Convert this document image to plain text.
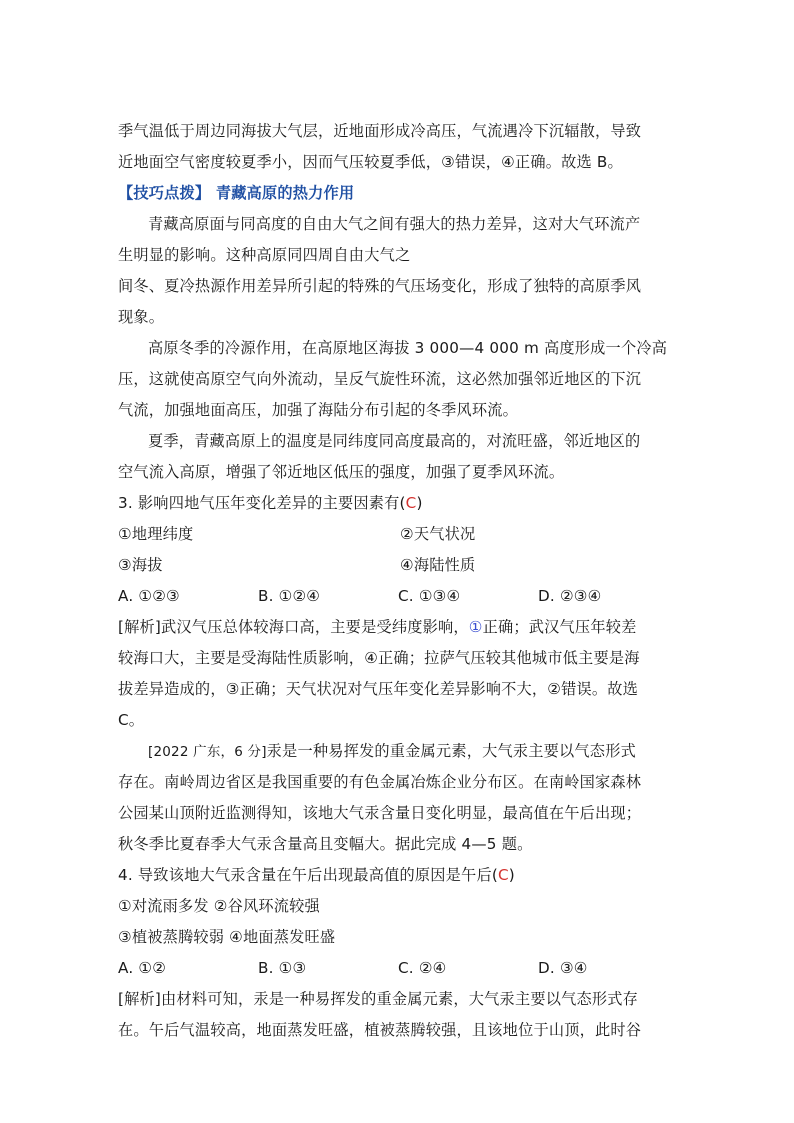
季气温低于周边同海拔大气层，近地面形成冷高压，气流遇冷下沉辐散，导致
近地面空气密度较夏季小，因而气压较夏季低，③错误，④正确。故选 B。
【技巧点拨】 青藏高原的热力作用
青藏高原面与同高度的自由大气之间有强大的热力差异，这对大气环流产
生明显的影响。这种高原同四周自由大气之
间冬、夏冷热源作用差异所引起的特殊的气压场变化，形成了独特的高原季风
现象。
高原冬季的冷源作用，在高原地区海拔 3 000—4 000 m 高度形成一个冷高
压，这就使高原空气向外流动，呈反气旋性环流，这必然加强邻近地区的下沉
气流，加强地面高压，加强了海陆分布引起的冬季风环流。
夏季，青藏高原上的温度是同纬度同高度最高的，对流旺盛，邻近地区的
空气流入高原，增强了邻近地区低压的强度，加强了夏季风环流。
3. 影响四地气压年变化差异的主要因素有(C)
①地理纬度	②天气状况
③海拔	④海陆性质
A. ①②③	B. ①②④	C. ①③④	D. ②③④
[解析]武汉气压总体较海口高，主要是受纬度影响，①正确；武汉气压年较差
较海口大，主要是受海陆性质影响，④正确；拉萨气压较其他城市低主要是海
拔差异造成的，③正确；天气状况对气压年变化差异影响不大，②错误。故选
C。
[2022 广东，6 分]汞是一种易挥发的重金属元素，大气汞主要以气态形式
存在。南岭周边省区是我国重要的有色金属冶炼企业分布区。在南岭国家森林
公园某山顶附近监测得知，该地大气汞含量日变化明显，最高值在午后出现；
秋冬季比夏春季大气汞含量高且变幅大。据此完成 4—5 题。
4. 导致该地大气汞含量在午后出现最高值的原因是午后(C)
①对流雨多发 ②谷风环流较强
③植被蒸腾较弱 ④地面蒸发旺盛
A. ①②	B. ①③	C. ②④	D. ③④
[解析]由材料可知，汞是一种易挥发的重金属元素，大气汞主要以气态形式存
在。午后气温较高，地面蒸发旺盛，植被蒸腾较强，且该地位于山顶，此时谷
